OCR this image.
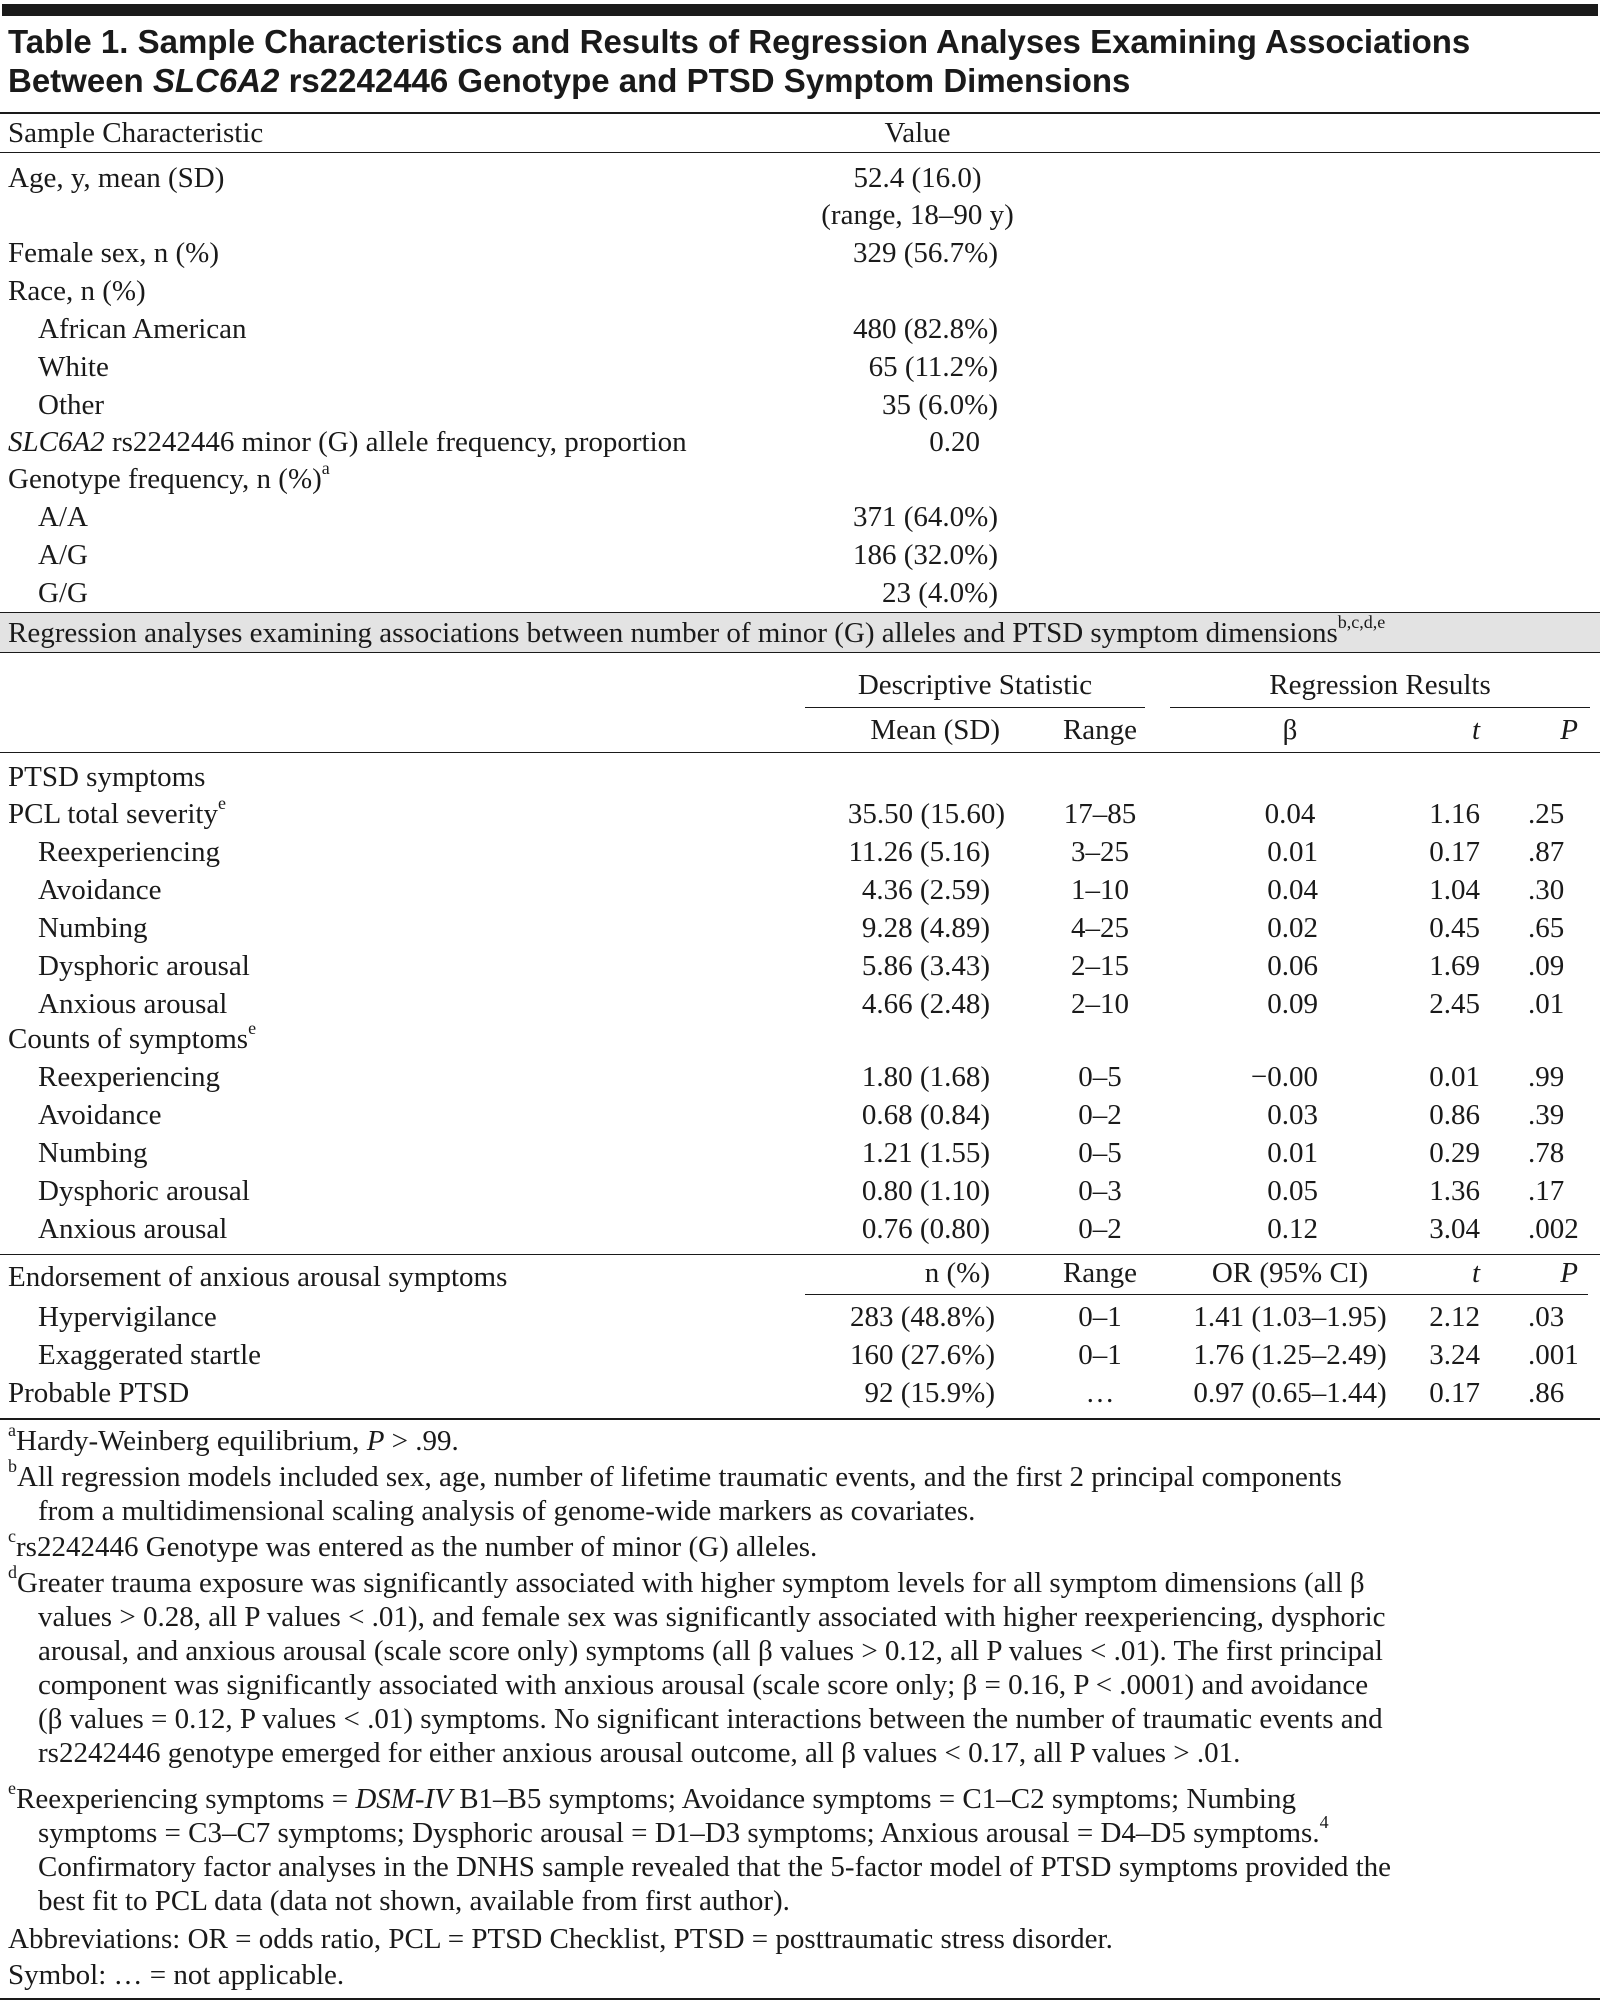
Table 1. Sample Characteristics and Results of Regression Analyses Examining Associations
Between SLC6A2 rs2242446 Genotype and PTSD Symptom Dimensions
Sample Characteristic	Value
Age, y, mean (SD)	52.4 (16.0)
(range, 18–90 y)
Female sex, n (%)	329 (56.7%)
Race, n (%)
African American	480 (82.8%)
White	65 (11.2%)
Other	35 (6.0%)
SLC6A2 rs2242446 minor (G) allele frequency, proportion	0.20
Genotype frequency, n (%)$^a$
A/A	371 (64.0%)
A/G	186 (32.0%)
G/G	23 (4.0%)
Regression analyses examining associations between number of minor (G) alleles and PTSD symptom dimensions$^{b,c,d,e}$
Descriptive Statistic	Regression Results
Mean (SD)	Range	β	t	P
PTSD symptoms
PCL total severity$^e$	35.50 (15.60)	17–85	0.04	1.16 .25
Reexperiencing	11.26 (5.16)	3–25	0.01	0.17 .87
Avoidance	4.36 (2.59)	1–10	0.04	1.04 .30
Numbing	9.28 (4.89)	4–25	0.02	0.45 .65
Dysphoric arousal	5.86 (3.43)	2–15	0.06	1.69 .09
Anxious arousal	4.66 (2.48)	2–10	0.09	2.45 .01
Counts of symptoms$^e$
Reexperiencing	1.80 (1.68)	0–5	−0.00	0.01 .99
Avoidance	0.68 (0.84)	0–2	0.03	0.86 .39
Numbing	1.21 (1.55)	0–5	0.01	0.29 .78
Dysphoric arousal	0.80 (1.10)	0–3	0.05	1.36 .17
Anxious arousal	0.76 (0.80)	0–2	0.12	3.04 .002
Endorsement of anxious arousal symptoms	n (%)	Range	OR (95% CI)	t	P
Hypervigilance	283 (48.8%)	0–1	1.41 (1.03–1.95)	2.12 .03
Exaggerated startle	160 (27.6%)	0–1	1.76 (1.25–2.49)	3.24 .001
Probable PTSD	92 (15.9%)	…	0.97 (0.65–1.44)	0.17 .86
$^a$Hardy-Weinberg equilibrium, P > .99.
$^b$All regression models included sex, age, number of lifetime traumatic events, and the first 2 principal components
from a multidimensional scaling analysis of genome-wide markers as covariates.
$^c$rs2242446 Genotype was entered as the number of minor (G) alleles.
$^d$Greater trauma exposure was significantly associated with higher symptom levels for all symptom dimensions (all β
values > 0.28, all P values < .01), and female sex was significantly associated with higher reexperiencing, dysphoric
arousal, and anxious arousal (scale score only) symptoms (all β values > 0.12, all P values < .01). The first principal
component was significantly associated with anxious arousal (scale score only; β = 0.16, P < .0001) and avoidance
(β values = 0.12, P values < .01) symptoms. No significant interactions between the number of traumatic events and
rs2242446 genotype emerged for either anxious arousal outcome, all β values < 0.17, all P values > .01.
$^e$Reexperiencing symptoms = DSM-IV B1–B5 symptoms; Avoidance symptoms = C1–C2 symptoms; Numbing
symptoms = C3–C7 symptoms; Dysphoric arousal = D1–D3 symptoms; Anxious arousal = D4–D5 symptoms.$^4$
Confirmatory factor analyses in the DNHS sample revealed that the 5-factor model of PTSD symptoms provided the
best fit to PCL data (data not shown, available from first author).
Abbreviations: OR = odds ratio, PCL = PTSD Checklist, PTSD = posttraumatic stress disorder.
Symbol: … = not applicable.
